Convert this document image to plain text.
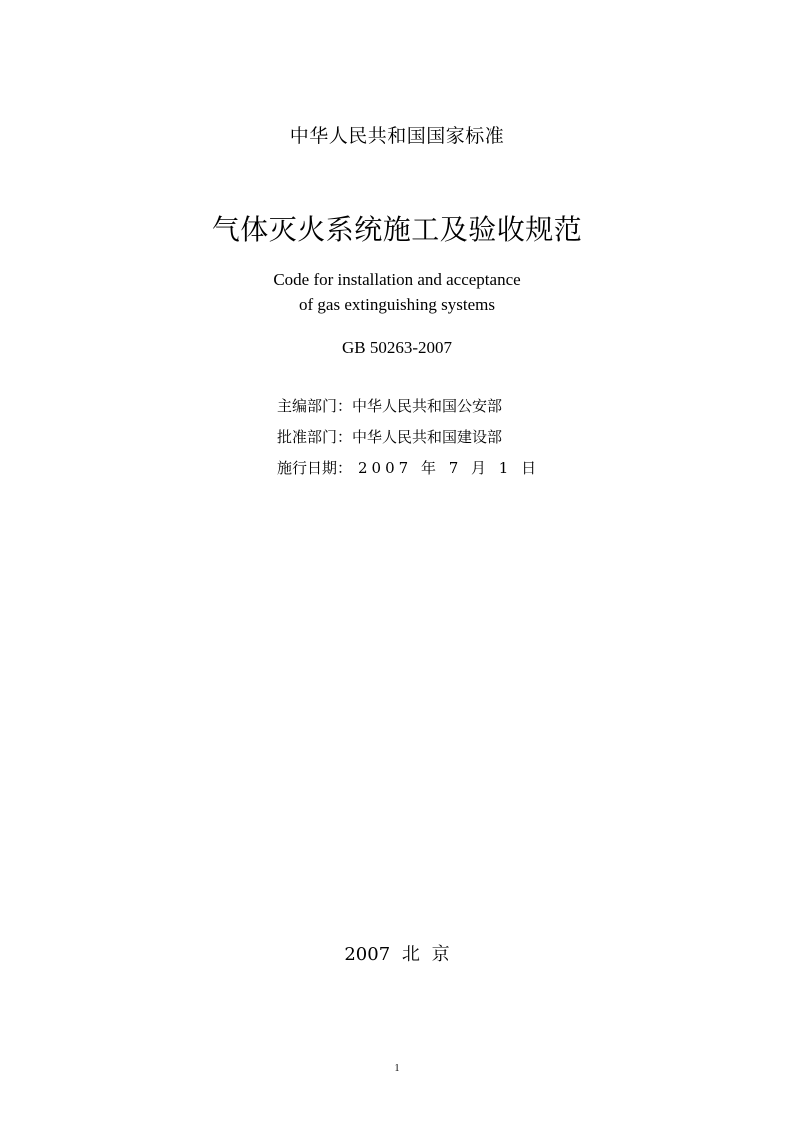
中华人民共和国国家标准
气体灭火系统施工及验收规范
Code for installation and acceptance
of gas extinguishing systems
GB 50263-2007
主编部门：中华人民共和国公安部
批准部门：中华人民共和国建设部
施行日期： 2007 年 7 月 1 日
2007 北 京
1
